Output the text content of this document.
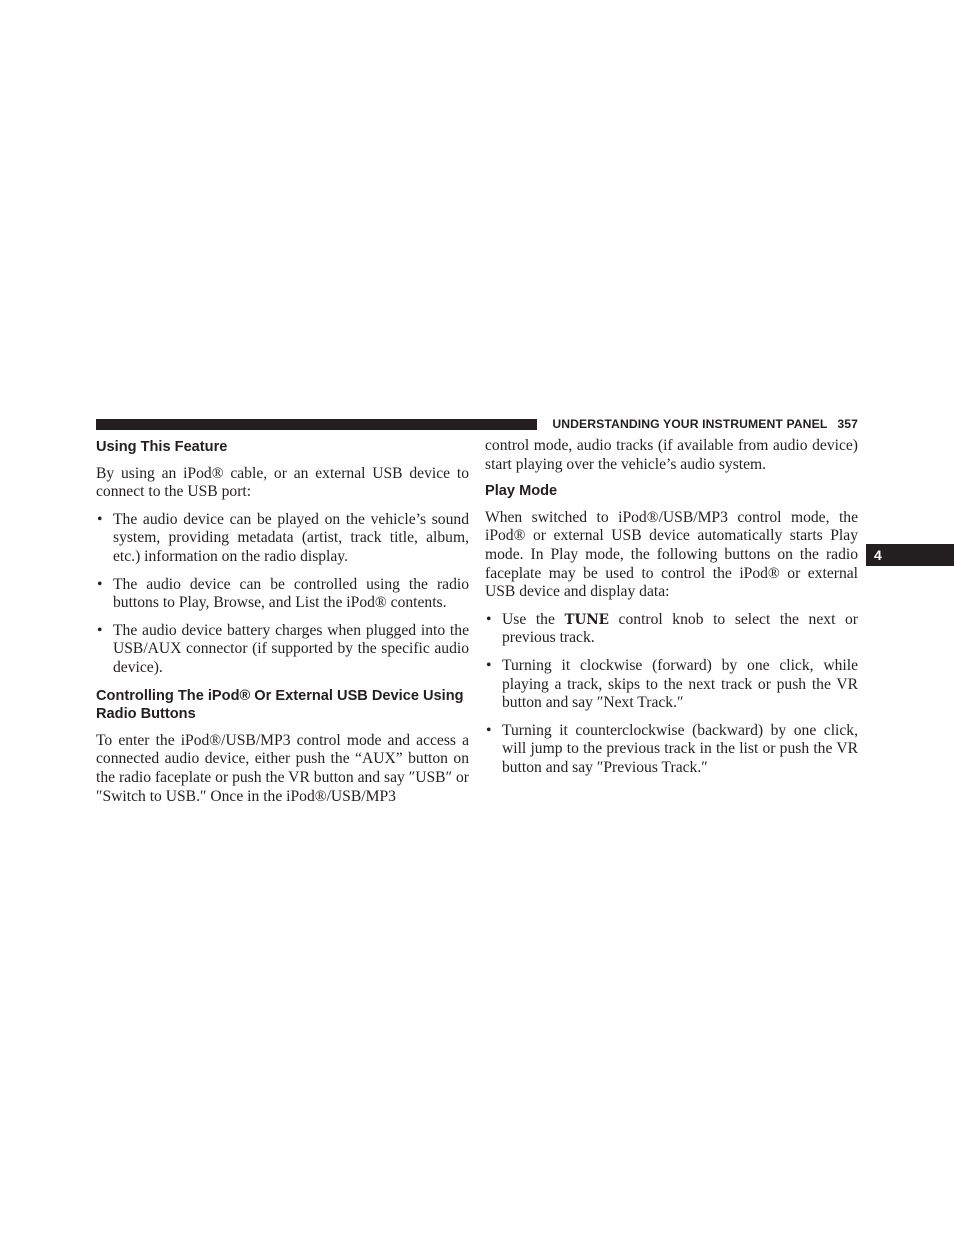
UNDERSTANDING YOUR INSTRUMENT PANEL 357
4
Using This Feature

By using an iPod® cable, or an external USB device to connect to the USB port:

• The audio device can be played on the vehicle’s sound system, providing metadata (artist, track title, album, etc.) information on the radio display.
• The audio device can be controlled using the radio buttons to Play, Browse, and List the iPod® contents.
• The audio device battery charges when plugged into the USB/AUX connector (if supported by the specific audio device).
Controlling The iPod® Or External USB Device Using Radio Buttons

To enter the iPod®/USB/MP3 control mode and access a connected audio device, either push the “AUX” button on the radio faceplate or push the VR button and say ″USB″ or ″Switch to USB.″ Once in the iPod®/USB/MP3

control mode, audio tracks (if available from audio device) start playing over the vehicle’s audio system.

Play Mode

When switched to iPod®/USB/MP3 control mode, the iPod® or external USB device automatically starts Play mode. In Play mode, the following buttons on the radio faceplate may be used to control the iPod® or external USB device and display data:

• Use the TUNE control knob to select the next or previous track.
• Turning it clockwise (forward) by one click, while playing a track, skips to the next track or push the VR button and say ″Next Track.″
• Turning it counterclockwise (backward) by one click, will jump to the previous track in the list or push the VR button and say ″Previous Track.″
